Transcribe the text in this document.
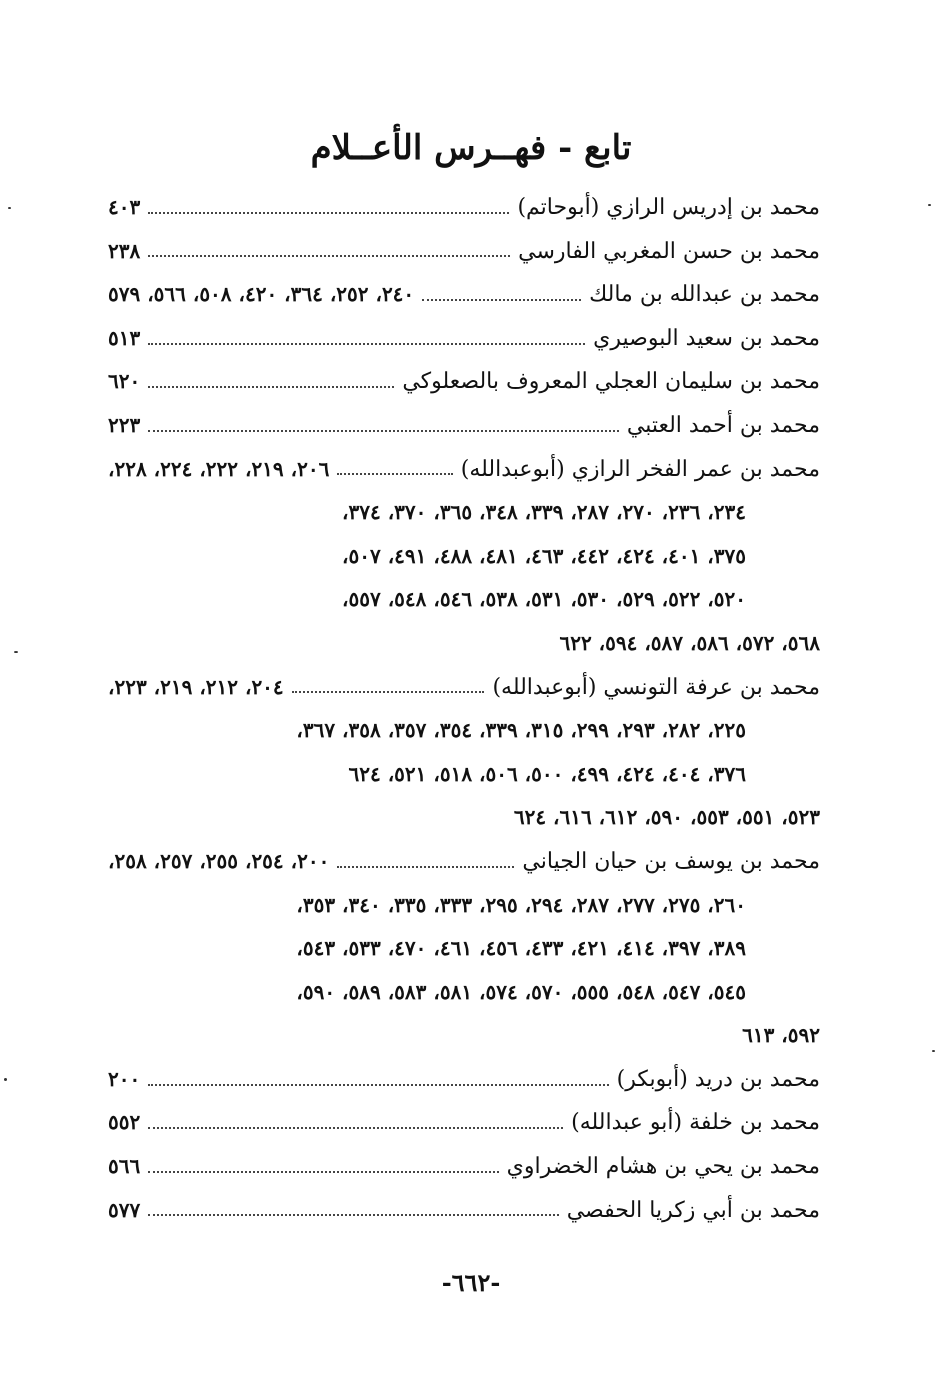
تابع - فهــرس الأعــلام
محمد بن إدريس الرازي (أبوحاتم)
٤٠٣
محمد بن حسن المغربي الفارسي
٢٣٨
محمد بن عبدالله بن مالك
٢٤٠، ٢٥٢، ٣٦٤، ٤٢٠، ٥٠٨، ٥٦٦، ٥٧٩
محمد بن سعيد البوصيري
٥١٣
محمد بن سليمان العجلي المعروف بالصعلوكي
٦٢٠
محمد بن أحمد العتبي
٢٢٣
محمد بن عمر الفخر الرازي (أبوعبدالله)
٢٠٦، ٢١٩، ٢٢٢، ٢٢٤، ٢٢٨،
٢٣٤، ٢٣٦، ٢٧٠، ٢٨٧، ٣٣٩، ٣٤٨، ٣٦٥، ٣٧٠، ٣٧٤،
٣٧٥، ٤٠١، ٤٢٤، ٤٤٢، ٤٦٣، ٤٨١، ٤٨٨، ٤٩١، ٥٠٧،
٥٢٠، ٥٢٢، ٥٢٩، ٥٣٠، ٥٣١، ٥٣٨، ٥٤٦، ٥٤٨، ٥٥٧،
٥٦٨، ٥٧٢، ٥٨٦، ٥٨٧، ٥٩٤، ٦٢٢
محمد بن عرفة التونسي (أبوعبدالله)
٢٠٤، ٢١٢، ٢١٩، ٢٢٣،
٢٢٥، ٢٨٢، ٢٩٣، ٢٩٩، ٣١٥، ٣٣٩، ٣٥٤، ٣٥٧، ٣٥٨، ٣٦٧،
٣٧٦، ٤٠٤، ٤٢٤، ٤٩٩، ٥٠٠، ٥٠٦، ٥١٨، ٥٢١، ٦٢٤
٥٢٣، ٥٥١، ٥٥٣، ٥٩٠، ٦١٢، ٦١٦، ٦٢٤
محمد بن يوسف بن حيان الجياني
٢٠٠، ٢٥٤، ٢٥٥، ٢٥٧، ٢٥٨،
٢٦٠، ٢٧٥، ٢٧٧، ٢٨٧، ٢٩٤، ٢٩٥، ٣٣٣، ٣٣٥، ٣٤٠، ٣٥٣،
٣٨٩، ٣٩٧، ٤١٤، ٤٢١، ٤٣٣، ٤٥٦، ٤٦١، ٤٧٠، ٥٣٣، ٥٤٣،
٥٤٥، ٥٤٧، ٥٤٨، ٥٥٥، ٥٧٠، ٥٧٤، ٥٨١، ٥٨٣، ٥٨٩، ٥٩٠،
٥٩٢، ٦١٣
محمد بن دريد (أبوبكر)
٢٠٠
محمد بن خلفة (أبو عبدالله)
٥٥٢
محمد بن يحي بن هشام الخضراوي
٥٦٦
محمد بن أبي زكريا الحفصي
٥٧٧
-٦٦٢-
